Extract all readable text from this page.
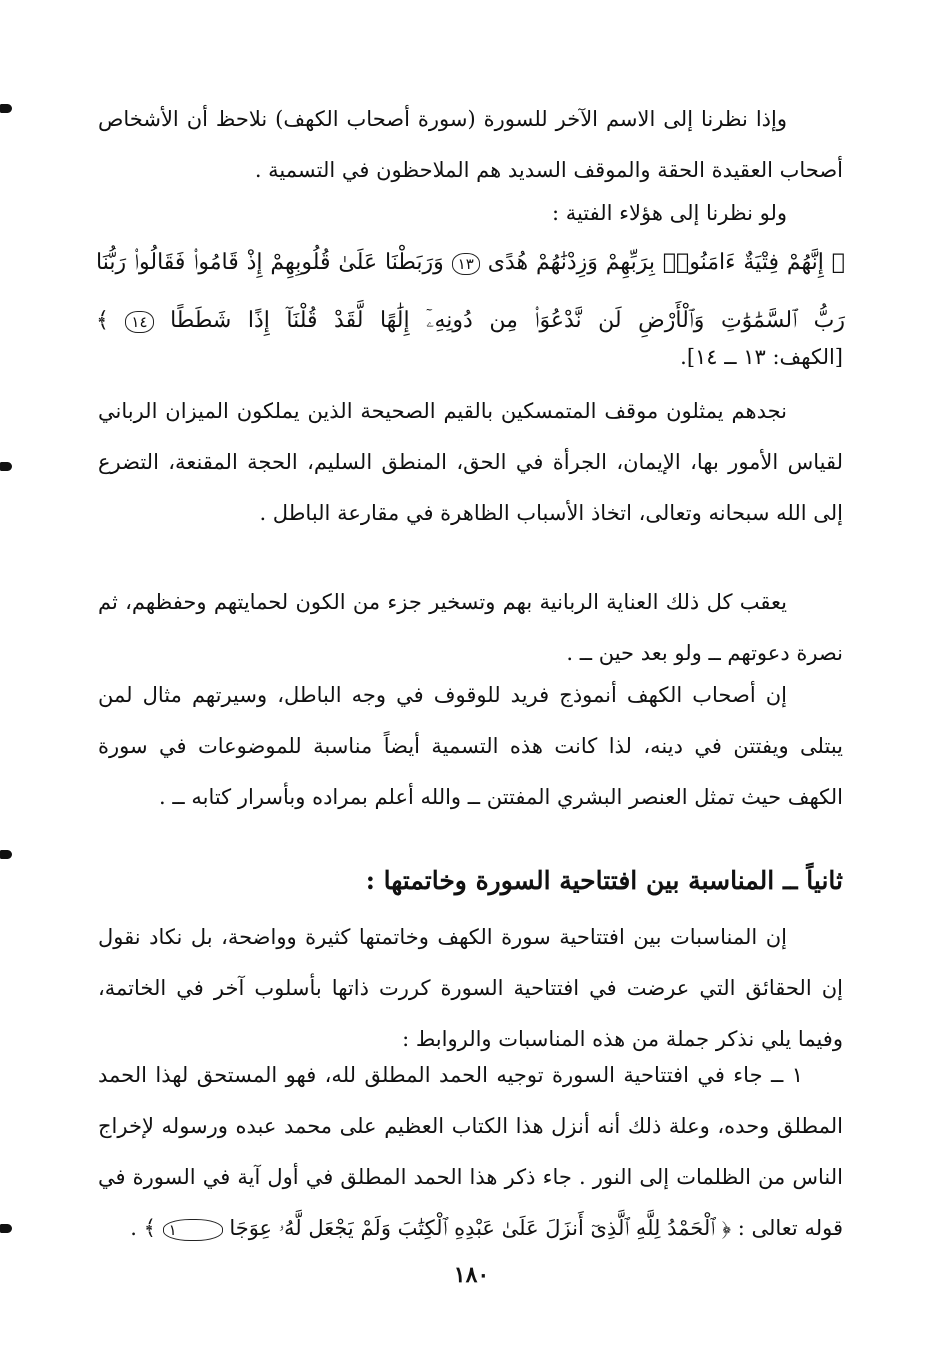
وإذا نظرنا إلى الاسم الآخر للسورة (سورة أصحاب الكهف) نلاحظ أن الأشخاص أصحاب العقيدة الحقة والموقف السديد هم الملاحظون في التسمية .

ولو نظرنا إلى هؤلاء الفتية :

﴿ إِنَّهُمْ فِتْيَةٌ ءَامَنُوا۟ بِرَبِّهِمْ وَزِدْنَٰهُمْ هُدًى ١٣ وَرَبَطْنَا عَلَىٰ قُلُوبِهِمْ إِذْ قَامُوا۟ فَقَالُوا۟ رَبُّنَا رَبُّ ٱلسَّمَٰوَٰتِ وَٱلْأَرْضِ لَن نَّدْعُوَا۟ مِن دُونِهِۦٓ إِلَٰهًا لَّقَدْ قُلْنَآ إِذًا شَطَطًا ١٤ ﴾

[الكهف: ١٣ ــ ١٤].

نجدهم يمثلون موقف المتمسكين بالقيم الصحيحة الذين يملكون الميزان الرباني لقياس الأمور بها، الإيمان، الجرأة في الحق، المنطق السليم، الحجة المقنعة، التضرع إلى الله سبحانه وتعالى، اتخاذ الأسباب الظاهرة في مقارعة الباطل .

يعقب كل ذلك العناية الربانية بهم وتسخير جزء من الكون لحمايتهم وحفظهم، ثم نصرة دعوتهم ــ ولو بعد حين ــ .

إن أصحاب الكهف أنموذج فريد للوقوف في وجه الباطل، وسيرتهم مثال لمن يبتلى ويفتتن في دينه، لذا كانت هذه التسمية أيضاً مناسبة للموضوعات في سورة الكهف حيث تمثل العنصر البشري المفتتن ــ والله أعلم بمراده وبأسرار كتابه ــ .

ثانياً ــ المناسبة بين افتتاحية السورة وخاتمتها :

إن المناسبات بين افتتاحية سورة الكهف وخاتمتها كثيرة وواضحة، بل نكاد نقول إن الحقائق التي عرضت في افتتاحية السورة كررت ذاتها بأسلوب آخر في الخاتمة، وفيما يلي نذكر جملة من هذه المناسبات والروابط :

١ ــ جاء في افتتاحية السورة توجيه الحمد المطلق لله، فهو المستحق لهذا الحمد المطلق وحده، وعلة ذلك أنه أنزل هذا الكتاب العظيم على محمد عبده ورسوله لإخراج الناس من الظلمات إلى النور . جاء ذكر هذا الحمد المطلق في أول آية في السورة في قوله تعالى : ﴿ ٱلْحَمْدُ لِلَّهِ ٱلَّذِىٓ أَنزَلَ عَلَىٰ عَبْدِهِ ٱلْكِتَٰبَ وَلَمْ يَجْعَل لَّهُۥ عِوَجَا ١ ﴾ .

١٨٠
